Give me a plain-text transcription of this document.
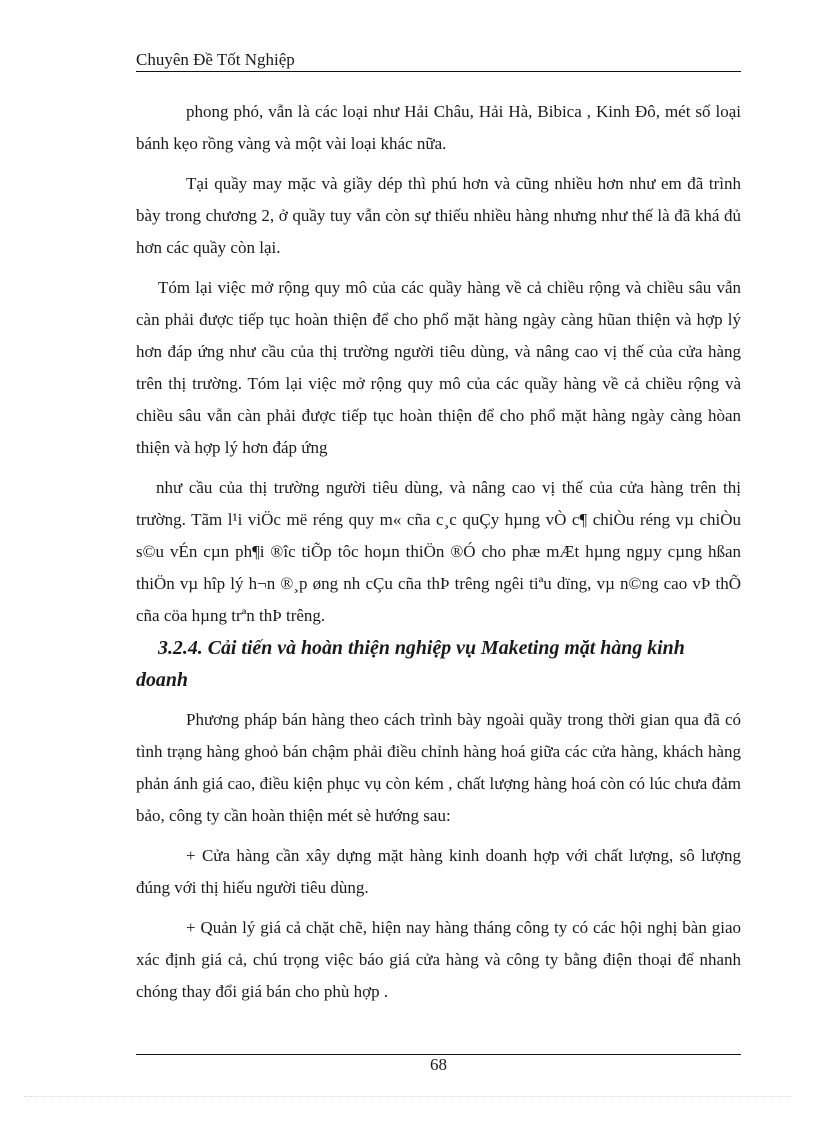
Chuyên Đề Tốt Nghiệp

phong phó, vẫn là các loại như Hải Châu, Hải Hà, Bibica , Kinh Đô, mét số loại bánh kẹo rồng vàng và một vài loại khác nữa.

Tại quầy may mặc và giầy dép thì phú hơn và cũng nhiều hơn như em đã trình bày trong chương 2, ở quầy tuy vẫn còn sự thiếu nhiều hàng nhưng như thế là đã khá đủ hơn các quầy còn lại.

Tóm lại việc mở rộng quy mô của các quầy hàng về cả chiều rộng và chiều sâu vẫn càn phải được tiếp tục hoàn thiện để cho phổ mặt hàng ngày càng hũan thiện và hợp lý hơn đáp ứng như cầu của thị trường người tiêu dùng, và nâng cao vị thế của cửa hàng trên thị trường. Tóm lại việc mở rộng quy mô của các quầy hàng về cả chiều rộng và chiều sâu vẫn càn phải được tiếp tục hoàn thiện để cho phổ mặt hàng ngày càng hòan thiện và hợp lý hơn đáp ứng

như cầu của thị trường người tiêu dùng, và nâng cao vị thế của cửa hàng trên thị trường. Tãm l¹i viÖc më réng quy m« cña c¸c quÇy hµng vÒ c¶ chiÒu réng vµ chiÒu s©u vÉn cµn ph¶i ®îc tiÕp tôc hoµn thiÖn ®Ó cho phæ mÆt hµng ngµy cµng hßan thiÖn vµ hîp lý h¬n ®¸p øng nh cÇu cña thÞ trêng ngêi tiªu dïng, vµ n©ng cao vÞ thÕ cña cöa hµng trªn thÞ trêng.

3.2.4. Cải tiến và hoàn thiện nghiệp vụ Maketing mặt hàng kinh doanh

Phương pháp bán hàng theo cách trình bày ngoài quầy trong thời gian qua đã có tình trạng hàng ghoỏ bán chậm phải điều chỉnh hàng hoá giữa các cửa hàng, khách hàng phản ánh giá cao, điều kiện phục vụ còn kém , chất lượng hàng hoá còn có lúc chưa đảm bảo, công ty cần hoàn thiện mét sè hướng sau:

+ Cửa hàng cần xây dựng mặt hàng kinh doanh hợp với chất lượng, sô lượng đúng với thị hiếu người tiêu dùng.

+ Quản lý giá cả chặt chẽ, hiện nay hàng tháng công ty có các hội nghị bàn giao xác định giá cả, chú trọng việc báo giá cửa hàng và công ty bằng điện thoại để nhanh chóng thay đổi giá bán cho phù hợp .

68
